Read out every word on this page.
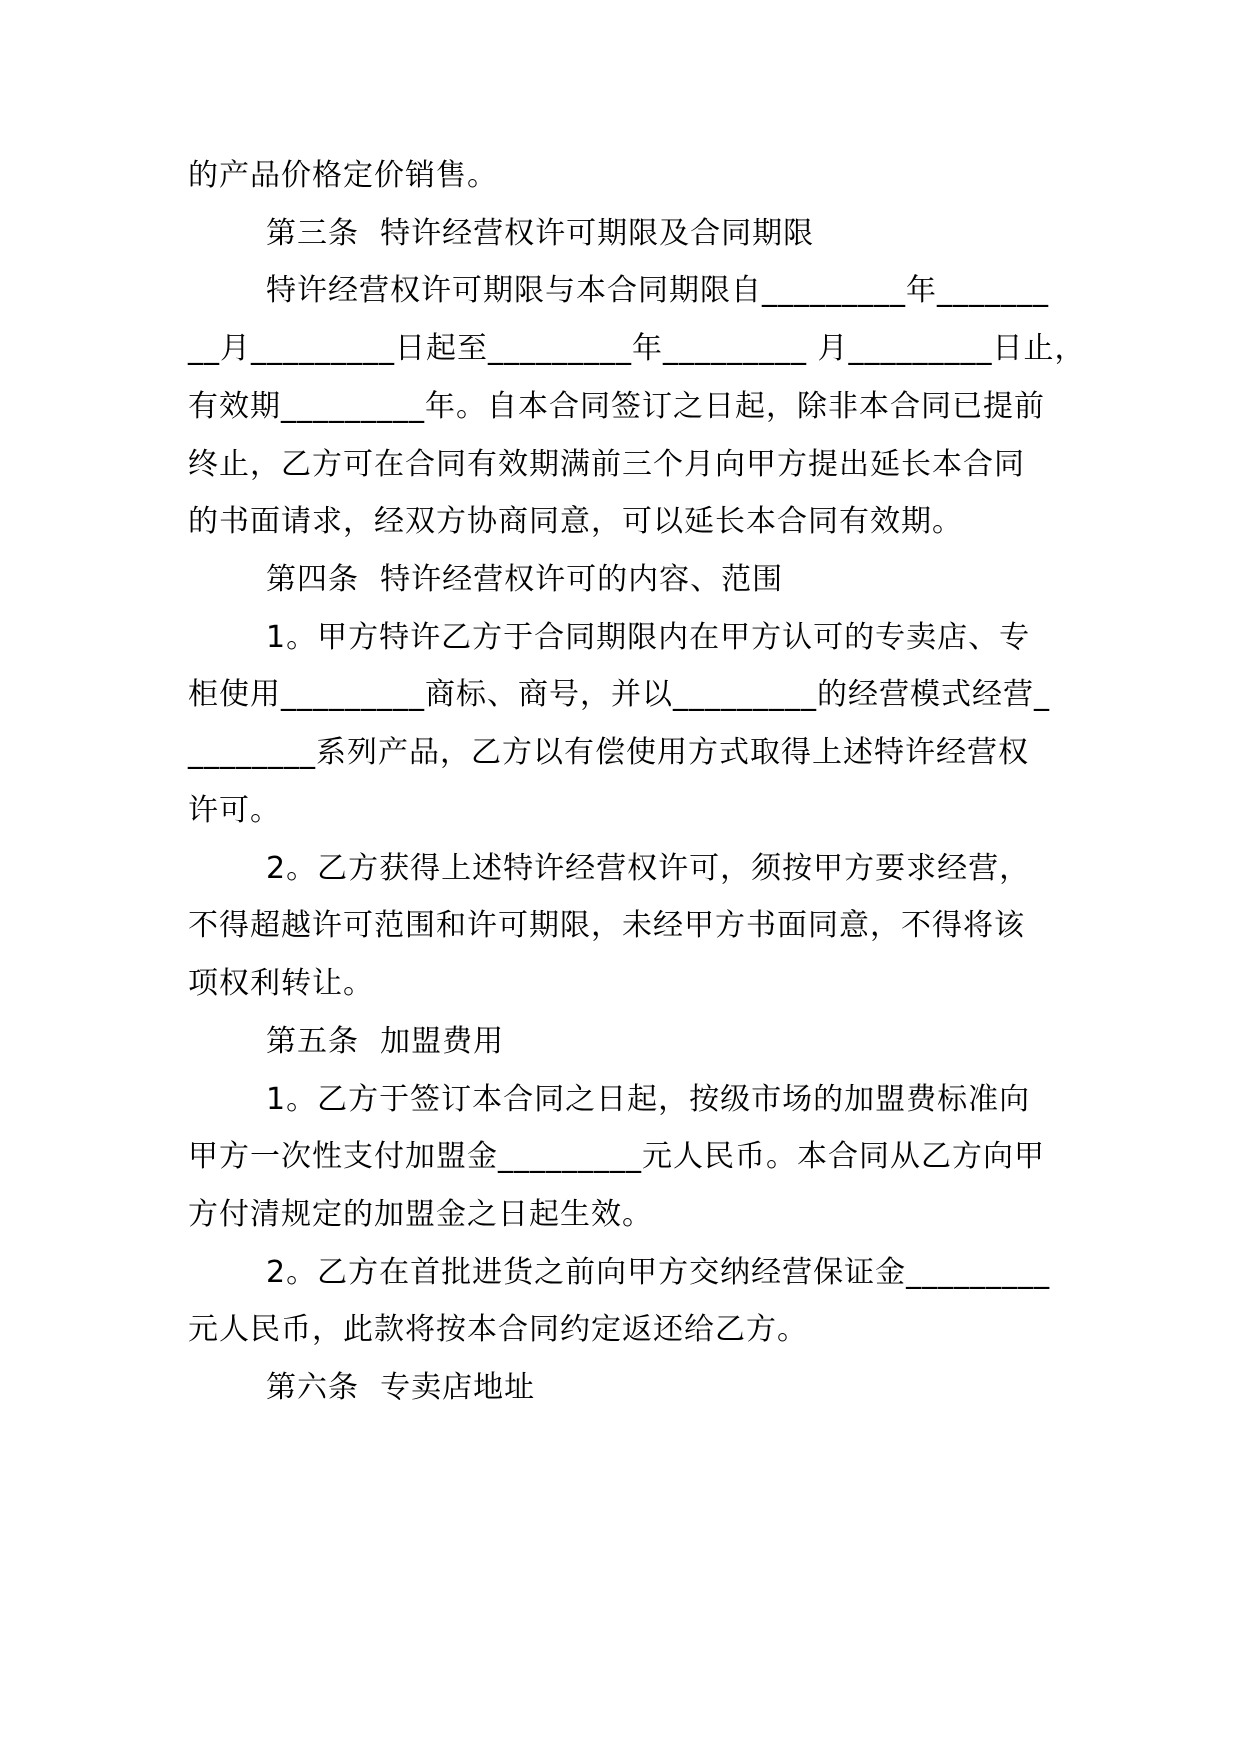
的产品价格定价销售。
第三条  特许经营权许可期限及合同期限
特许经营权许可期限与本合同期限自_________年_______
__月_________日起至_________年_________ 月_________日止，
有效期_________年。自本合同签订之日起，除非本合同已提前
终止，乙方可在合同有效期满前三个月向甲方提出延长本合同
的书面请求，经双方协商同意，可以延长本合同有效期。
第四条  特许经营权许可的内容、范围
1。甲方特许乙方于合同期限内在甲方认可的专卖店、专
柜使用_________商标、商号，并以_________的经营模式经营_
________系列产品，乙方以有偿使用方式取得上述特许经营权
许可。
2。乙方获得上述特许经营权许可，须按甲方要求经营，
不得超越许可范围和许可期限，未经甲方书面同意，不得将该
项权利转让。
第五条  加盟费用
1。乙方于签订本合同之日起，按级市场的加盟费标准向
甲方一次性支付加盟金_________元人民币。本合同从乙方向甲
方付清规定的加盟金之日起生效。
2。乙方在首批进货之前向甲方交纳经营保证金_________
元人民币，此款将按本合同约定返还给乙方。
第六条  专卖店地址
